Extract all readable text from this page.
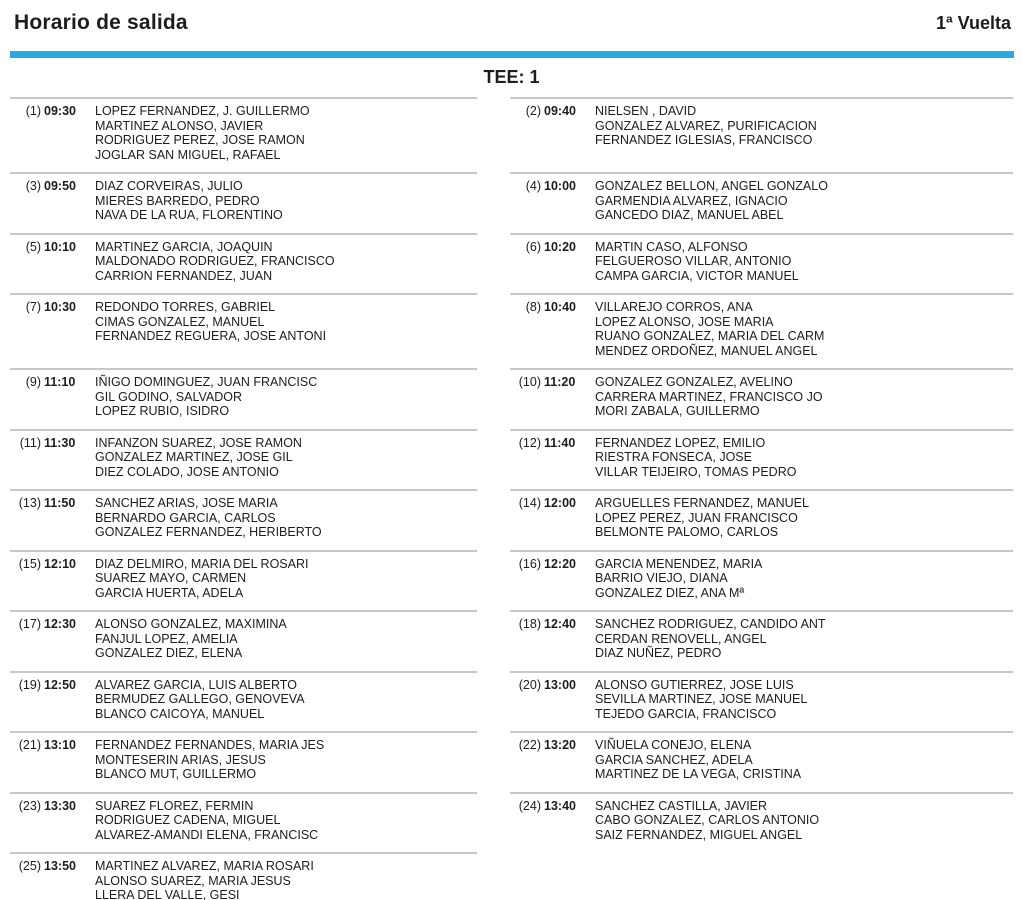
Horario de salida	1ª Vuelta
TEE: 1
(1) 09:30	LOPEZ FERNANDEZ, J. GUILLERMO
MARTINEZ ALONSO, JAVIER
RODRIGUEZ PEREZ, JOSE RAMON
JOGLAR SAN MIGUEL, RAFAEL
(2) 09:40	NIELSEN , DAVID
GONZALEZ ALVAREZ, PURIFICACION
FERNANDEZ IGLESIAS, FRANCISCO
(3) 09:50	DIAZ CORVEIRAS, JULIO
MIERES BARREDO, PEDRO
NAVA DE LA RUA, FLORENTINO
(4) 10:00	GONZALEZ BELLON, ANGEL GONZALO
GARMENDIA ALVAREZ, IGNACIO
GANCEDO DIAZ, MANUEL ABEL
(5) 10:10	MARTINEZ GARCIA, JOAQUIN
MALDONADO RODRIGUEZ, FRANCISCO
CARRION FERNANDEZ, JUAN
(6) 10:20	MARTIN CASO, ALFONSO
FELGUEROSO VILLAR, ANTONIO
CAMPA GARCIA, VICTOR MANUEL
(7) 10:30	REDONDO TORRES, GABRIEL
CIMAS GONZALEZ, MANUEL
FERNANDEZ REGUERA, JOSE ANTONI
(8) 10:40	VILLAREJO CORROS, ANA
LOPEZ ALONSO, JOSE MARIA
RUANO GONZALEZ, MARIA DEL CARM
MENDEZ ORDOÑEZ, MANUEL ANGEL
(9) 11:10	IÑIGO DOMINGUEZ, JUAN FRANCISC
GIL GODINO, SALVADOR
LOPEZ RUBIO, ISIDRO
(10) 11:20	GONZALEZ GONZALEZ, AVELINO
CARRERA MARTINEZ, FRANCISCO JO
MORI ZABALA, GUILLERMO
(11) 11:30	INFANZON SUAREZ, JOSE RAMON
GONZALEZ MARTINEZ, JOSE GIL
DIEZ COLADO, JOSE ANTONIO
(12) 11:40	FERNANDEZ LOPEZ, EMILIO
RIESTRA FONSECA, JOSE
VILLAR TEIJEIRO, TOMAS PEDRO
(13) 11:50	SANCHEZ ARIAS, JOSE MARIA
BERNARDO GARCIA, CARLOS
GONZALEZ FERNANDEZ, HERIBERTO
(14) 12:00	ARGUELLES FERNANDEZ, MANUEL
LOPEZ PEREZ, JUAN FRANCISCO
BELMONTE PALOMO, CARLOS
(15) 12:10	DIAZ DELMIRO, MARIA DEL ROSARI
SUAREZ MAYO, CARMEN
GARCIA HUERTA, ADELA
(16) 12:20	GARCIA MENENDEZ, MARIA
BARRIO VIEJO, DIANA
GONZALEZ DIEZ, ANA Mª
(17) 12:30	ALONSO GONZALEZ, MAXIMINA
FANJUL LOPEZ, AMELIA
GONZALEZ DIEZ, ELENA
(18) 12:40	SANCHEZ RODRIGUEZ, CANDIDO ANT
CERDAN RENOVELL, ANGEL
DIAZ NUÑEZ, PEDRO
(19) 12:50	ALVAREZ GARCIA, LUIS ALBERTO
BERMUDEZ GALLEGO, GENOVEVA
BLANCO CAICOYA, MANUEL
(20) 13:00	ALONSO GUTIERREZ, JOSE LUIS
SEVILLA MARTINEZ, JOSE MANUEL
TEJEDO GARCIA, FRANCISCO
(21) 13:10	FERNANDEZ FERNANDES, MARIA JES
MONTESERIN ARIAS, JESUS
BLANCO MUT, GUILLERMO
(22) 13:20	VIÑUELA CONEJO, ELENA
GARCIA SANCHEZ, ADELA
MARTINEZ DE LA VEGA, CRISTINA
(23) 13:30	SUAREZ FLOREZ, FERMIN
RODRIGUEZ CADENA, MIGUEL
ALVAREZ-AMANDI ELENA, FRANCISC
(24) 13:40	SANCHEZ CASTILLA, JAVIER
CABO GONZALEZ, CARLOS ANTONIO
SAIZ FERNANDEZ, MIGUEL ANGEL
(25) 13:50	MARTINEZ ALVAREZ, MARIA ROSARI
ALONSO SUAREZ, MARIA JESUS
LLERA DEL VALLE, GESI
